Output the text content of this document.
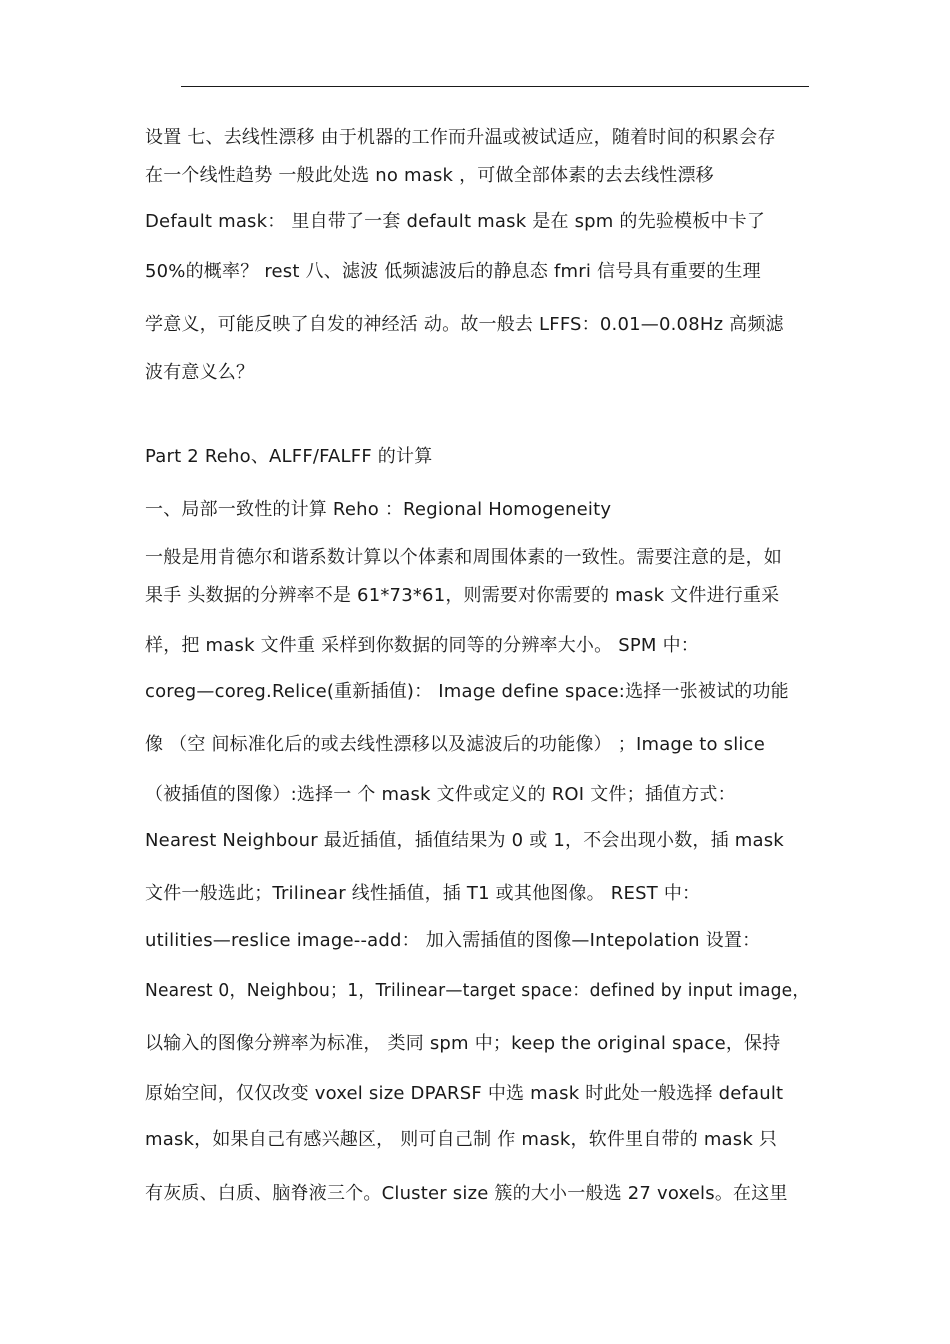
设置 七、去线性漂移 由于机器的工作而升温或被试适应，随着时间的积累会存
在一个线性趋势 一般此处选 no mask ，可做全部体素的去去线性漂移
Default mask： 里自带了一套 default mask 是在 spm 的先验模板中卡了
50%的概率？ rest 八、滤波 低频滤波后的静息态 fmri 信号具有重要的生理
学意义，可能反映了自发的神经活 动。故一般去 LFFS：0.01—0.08Hz 高频滤
波有意义么？
Part 2 Reho、ALFF/FALFF 的计算
一、局部一致性的计算 Reho ：Regional Homogeneity
一般是用肯德尔和谐系数计算以个体素和周围体素的一致性。需要注意的是，如
果手 头数据的分辨率不是 61*73*61，则需要对你需要的 mask 文件进行重采
样，把 mask 文件重 采样到你数据的同等的分辨率大小。 SPM 中：
coreg—coreg.Relice(重新插值)： Image define space:选择一张被试的功能
像 （空 间标准化后的或去线性漂移以及滤波后的功能像） ；Image to slice
（被插值的图像）:选择一 个 mask 文件或定义的 ROI 文件；插值方式：
Nearest Neighbour 最近插值，插值结果为 0 或 1，不会出现小数，插 mask
文件一般选此；Trilinear 线性插值，插 T1 或其他图像。 REST 中：
utilities—reslice image--add： 加入需插值的图像—Intepolation 设置：
Nearest 0，Neighbou；1，Trilinear—target space：defined by input image，
以输入的图像分辨率为标准， 类同 spm 中；keep the original space，保持
原始空间，仅仅改变 voxel size DPARSF 中选 mask 时此处一般选择 default
mask，如果自己有感兴趣区， 则可自己制 作 mask，软件里自带的 mask 只
有灰质、白质、脑脊液三个。Cluster size 簇的大小一般选 27 voxels。在这里
